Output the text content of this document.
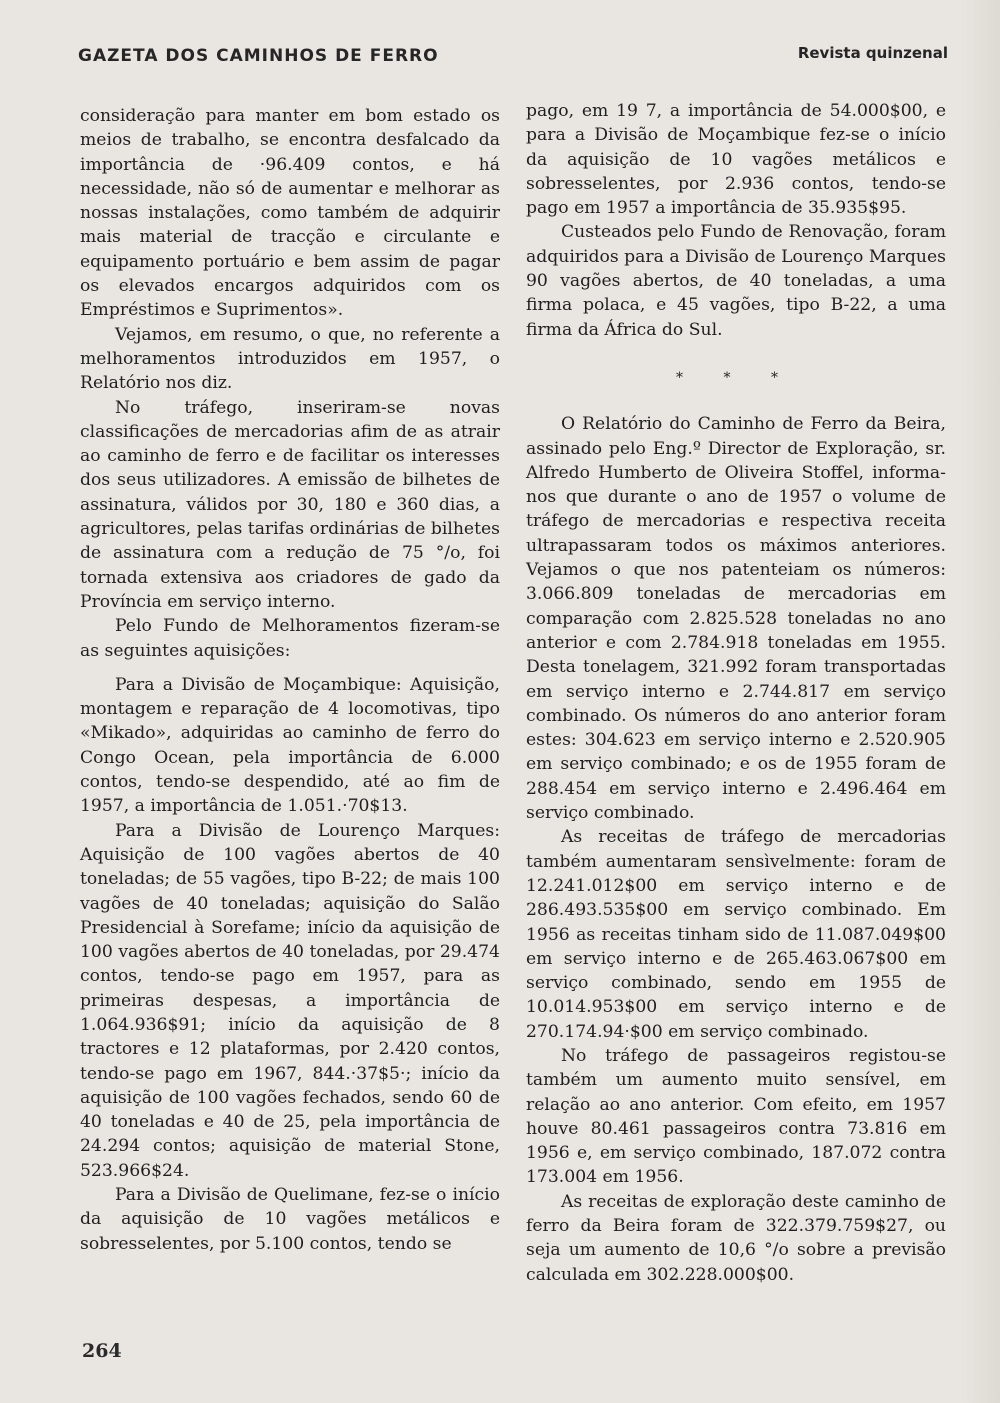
GAZETA DOS CAMINHOS DE FERRO	Revista quinzenal

consideração para manter em bom estado os meios de trabalho, se encontra desfalcado da importância de ·96.409 contos, e há necessidade, não só de aumentar e melhorar as nossas instalações, como também de adquirir mais material de tracção e circulante e equipamento portuário e bem assim de pagar os elevados encargos adquiridos com os Empréstimos e Suprimentos».

Vejamos, em resumo, o que, no referente a melhoramentos introduzidos em 1957, o Relatório nos diz.

No tráfego, inseriram-se novas classificações de mercadorias afim de as atrair ao caminho de ferro e de facilitar os interesses dos seus utilizadores. A emissão de bilhetes de assinatura, válidos por 30, 180 e 360 dias, a agricultores, pelas tarifas ordinárias de bilhetes de assinatura com a redução de 75 °/o, foi tornada extensiva aos criadores de gado da Província em serviço interno.

Pelo Fundo de Melhoramentos fizeram-se as seguintes aquisições:

Para a Divisão de Moçambique: Aquisição, montagem e reparação de 4 locomotivas, tipo «Mikado», adquiridas ao caminho de ferro do Congo Ocean, pela importância de 6.000 contos, tendo-se despendido, até ao fim de 1957, a importância de 1.051.·70$13.

Para a Divisão de Lourenço Marques: Aquisição de 100 vagões abertos de 40 toneladas; de 55 vagões, tipo B-22; de mais 100 vagões de 40 toneladas; aquisição do Salão Presidencial à Sorefame; início da aquisição de 100 vagões abertos de 40 toneladas, por 29.474 contos, tendo-se pago em 1957, para as primeiras despesas, a importância de 1.064.936$91; início da aquisição de 8 tractores e 12 plataformas, por 2.420 contos, tendo-se pago em 1967, 844.·37$5·; início da aquisição de 100 vagões fechados, sendo 60 de 40 toneladas e 40 de 25, pela importância de 24.294 contos; aquisição de material Stone, 523.966$24.

Para a Divisão de Quelimane, fez-se o início da aquisição de 10 vagões metálicos e sobresselentes, por 5.100 contos, tendo se

pago, em 19 7, a importância de 54.000$00, e para a Divisão de Moçambique fez-se o início da aquisição de 10 vagões metálicos e sobresselentes, por 2.936 contos, tendo-se pago em 1957 a importância de 35.935$95.

Custeados pelo Fundo de Renovação, foram adquiridos para a Divisão de Lourenço Marques 90 vagões abertos, de 40 toneladas, a uma firma polaca, e 45 vagões, tipo B-22, a uma firma da África do Sul.

* * *

O Relatório do Caminho de Ferro da Beira, assinado pelo Eng.º Director de Exploração, sr. Alfredo Humberto de Oliveira Stoffel, informa-nos que durante o ano de 1957 o volume de tráfego de mercadorias e respectiva receita ultrapassaram todos os máximos anteriores. Vejamos o que nos patenteiam os números: 3.066.809 toneladas de mercadorias em comparação com 2.825.528 toneladas no ano anterior e com 2.784.918 toneladas em 1955. Desta tonelagem, 321.992 foram transportadas em serviço interno e 2.744.817 em serviço combinado. Os números do ano anterior foram estes: 304.623 em serviço interno e 2.520.905 em serviço combinado; e os de 1955 foram de 288.454 em serviço interno e 2.496.464 em serviço combinado.

As receitas de tráfego de mercadorias também aumentaram sensìvelmente: foram de 12.241.012$00 em serviço interno e de 286.493.535$00 em serviço combinado. Em 1956 as receitas tinham sido de 11.087.049$00 em serviço interno e de 265.463.067$00 em serviço combinado, sendo em 1955 de 10.014.953$00 em serviço interno e de 270.174.94·$00 em serviço combinado.

No tráfego de passageiros registou-se também um aumento muito sensível, em relação ao ano anterior. Com efeito, em 1957 houve 80.461 passageiros contra 73.816 em 1956 e, em serviço combinado, 187.072 contra 173.004 em 1956.

As receitas de exploração deste caminho de ferro da Beira foram de 322.379.759$27, ou seja um aumento de 10,6 °/o sobre a previsão calculada em 302.228.000$00.

264
